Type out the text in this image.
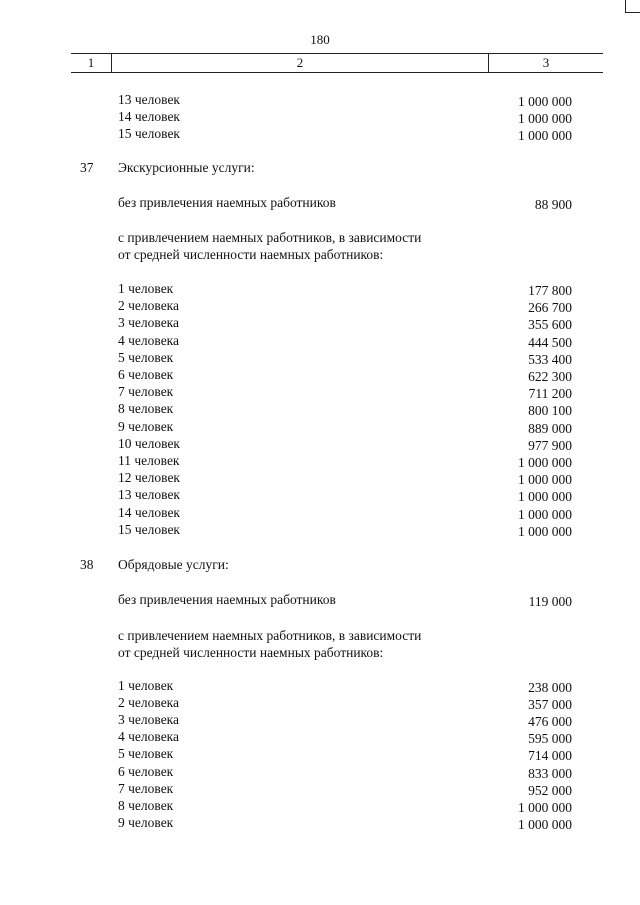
180
1	2	3
13 человек	1 000 000
14 человек	1 000 000
15 человек	1 000 000
37 Экскурсионные услуги:
без привлечения наемных работников	88 900
с привлечением наемных работников, в зависимости
от средней численности наемных работников:
1 человек	177 800
2 человека	266 700
3 человека	355 600
4 человека	444 500
5 человек	533 400
6 человек	622 300
7 человек	711 200
8 человек	800 100
9 человек	889 000
10 человек	977 900
11 человек	1 000 000
12 человек	1 000 000
13 человек	1 000 000
14 человек	1 000 000
15 человек	1 000 000
38 Обрядовые услуги:
без привлечения наемных работников	119 000
с привлечением наемных работников, в зависимости
от средней численности наемных работников:
1 человек	238 000
2 человека	357 000
3 человека	476 000
4 человека	595 000
5 человек	714 000
6 человек	833 000
7 человек	952 000
8 человек	1 000 000
9 человек	1 000 000
